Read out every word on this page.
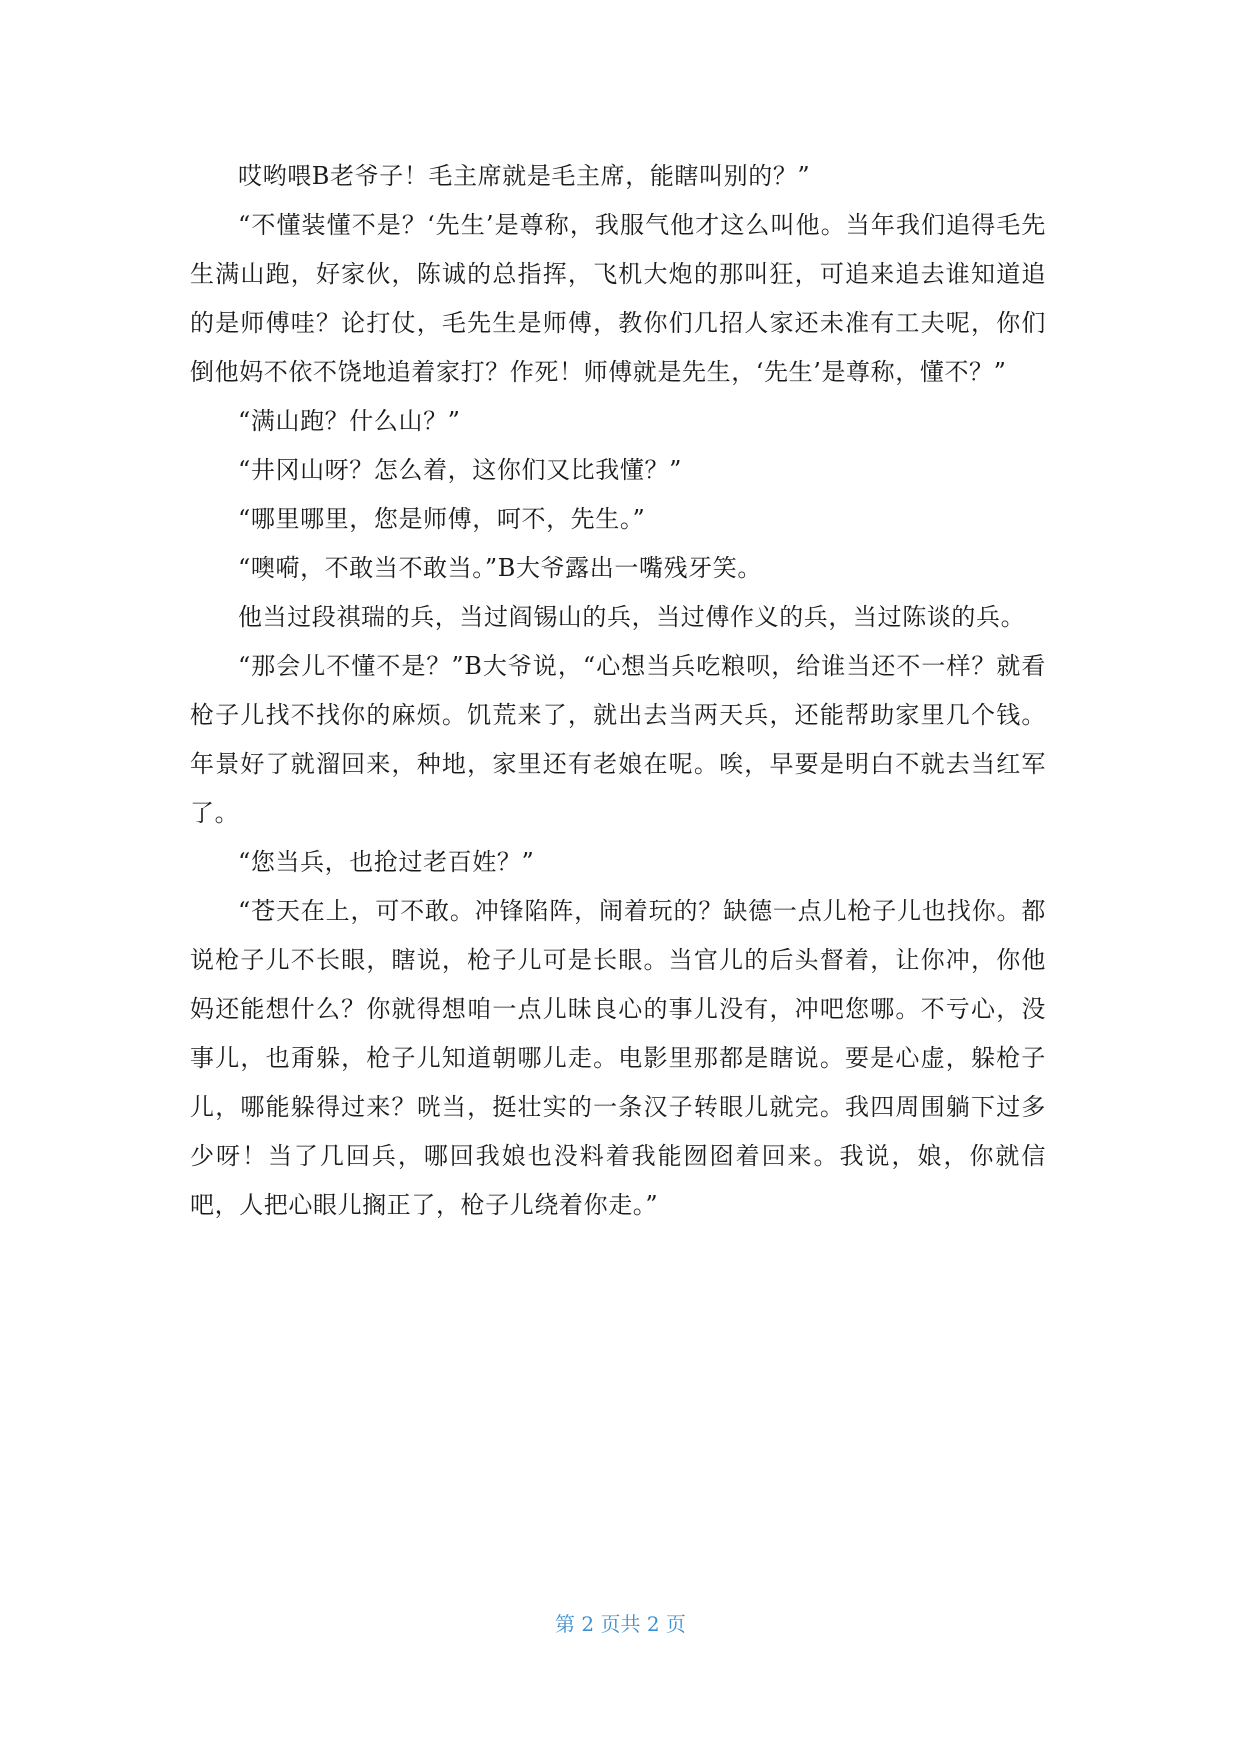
哎哟喂B老爷子！毛主席就是毛主席，能瞎叫别的？”

“不懂装懂不是？‘先生’是尊称，我服气他才这么叫他。当年我们追得毛先生满山跑，好家伙，陈诚的总指挥，飞机大炮的那叫狂，可追来追去谁知道追的是师傅哇？论打仗，毛先生是师傅，教你们几招人家还未准有工夫呢，你们倒他妈不依不饶地追着家打？作死！师傅就是先生，‘先生’是尊称，懂不？”

“满山跑？什么山？”

“井冈山呀？怎么着，这你们又比我懂？”

“哪里哪里，您是师傅，呵不，先生。”

“噢嗬，不敢当不敢当。”B大爷露出一嘴残牙笑。

他当过段祺瑞的兵，当过阎锡山的兵，当过傅作义的兵，当过陈谈的兵。

“那会儿不懂不是？”B大爷说，“心想当兵吃粮呗，给谁当还不一样？就看枪子儿找不找你的麻烦。饥荒来了，就出去当两天兵，还能帮助家里几个钱。年景好了就溜回来，种地，家里还有老娘在呢。唉，早要是明白不就去当红军了。

“您当兵，也抢过老百姓？”

“苍天在上，可不敢。冲锋陷阵，闹着玩的？缺德一点儿枪子儿也找你。都说枪子儿不长眼，瞎说，枪子儿可是长眼。当官儿的后头督着，让你冲，你他妈还能想什么？你就得想咱一点儿昧良心的事儿没有，冲吧您哪。不亏心，没事儿，也甭躲，枪子儿知道朝哪儿走。电影里那都是瞎说。要是心虚，躲枪子儿，哪能躲得过来？咣当，挺壮实的一条汉子转眼儿就完。我四周围躺下过多少呀！当了几回兵，哪回我娘也没料着我能囫囵着回来。我说，娘，你就信吧，人把心眼儿搁正了，枪子儿绕着你走。”

第 2 页共 2 页
